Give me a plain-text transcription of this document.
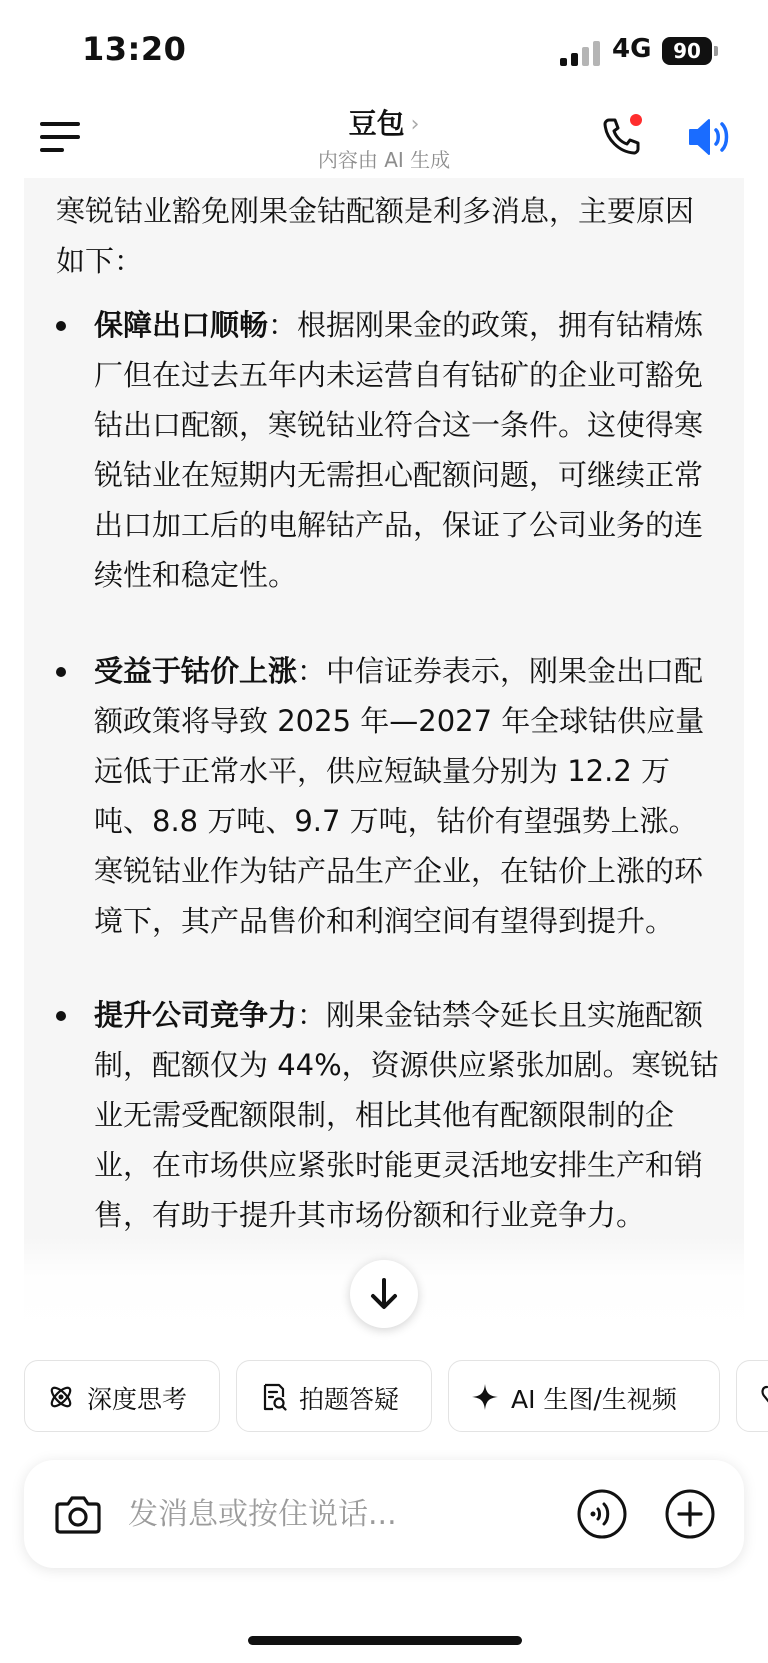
13:20	4G	90
豆包 ›
内容由 AI 生成
寒锐钴业豁免刚果金钴配额是利多消息，主要原因如下：
保障出口顺畅：根据刚果金的政策，拥有钴精炼厂但在过去五年内未运营自有钴矿的企业可豁免钴出口配额，寒锐钴业符合这一条件。这使得寒锐钴业在短期内无需担心配额问题，可继续正常出口加工后的电解钴产品，保证了公司业务的连续性和稳定性。
受益于钴价上涨：中信证券表示，刚果金出口配额政策将导致 2025 年—2027 年全球钴供应量远低于正常水平，供应短缺量分别为 12.2 万吨、8.8 万吨、9.7 万吨，钴价有望强势上涨。寒锐钴业作为钴产品生产企业，在钴价上涨的环境下，其产品售价和利润空间有望得到提升。
提升公司竞争力：刚果金钴禁令延长且实施配额制，配额仅为 44%，资源供应紧张加剧。寒锐钴业无需受配额限制，相比其他有配额限制的企业，在市场供应紧张时能更灵活地安排生产和销售，有助于提升其市场份额和行业竞争力。
深度思考	拍题答疑	AI 生图/生视频
发消息或按住说话...
